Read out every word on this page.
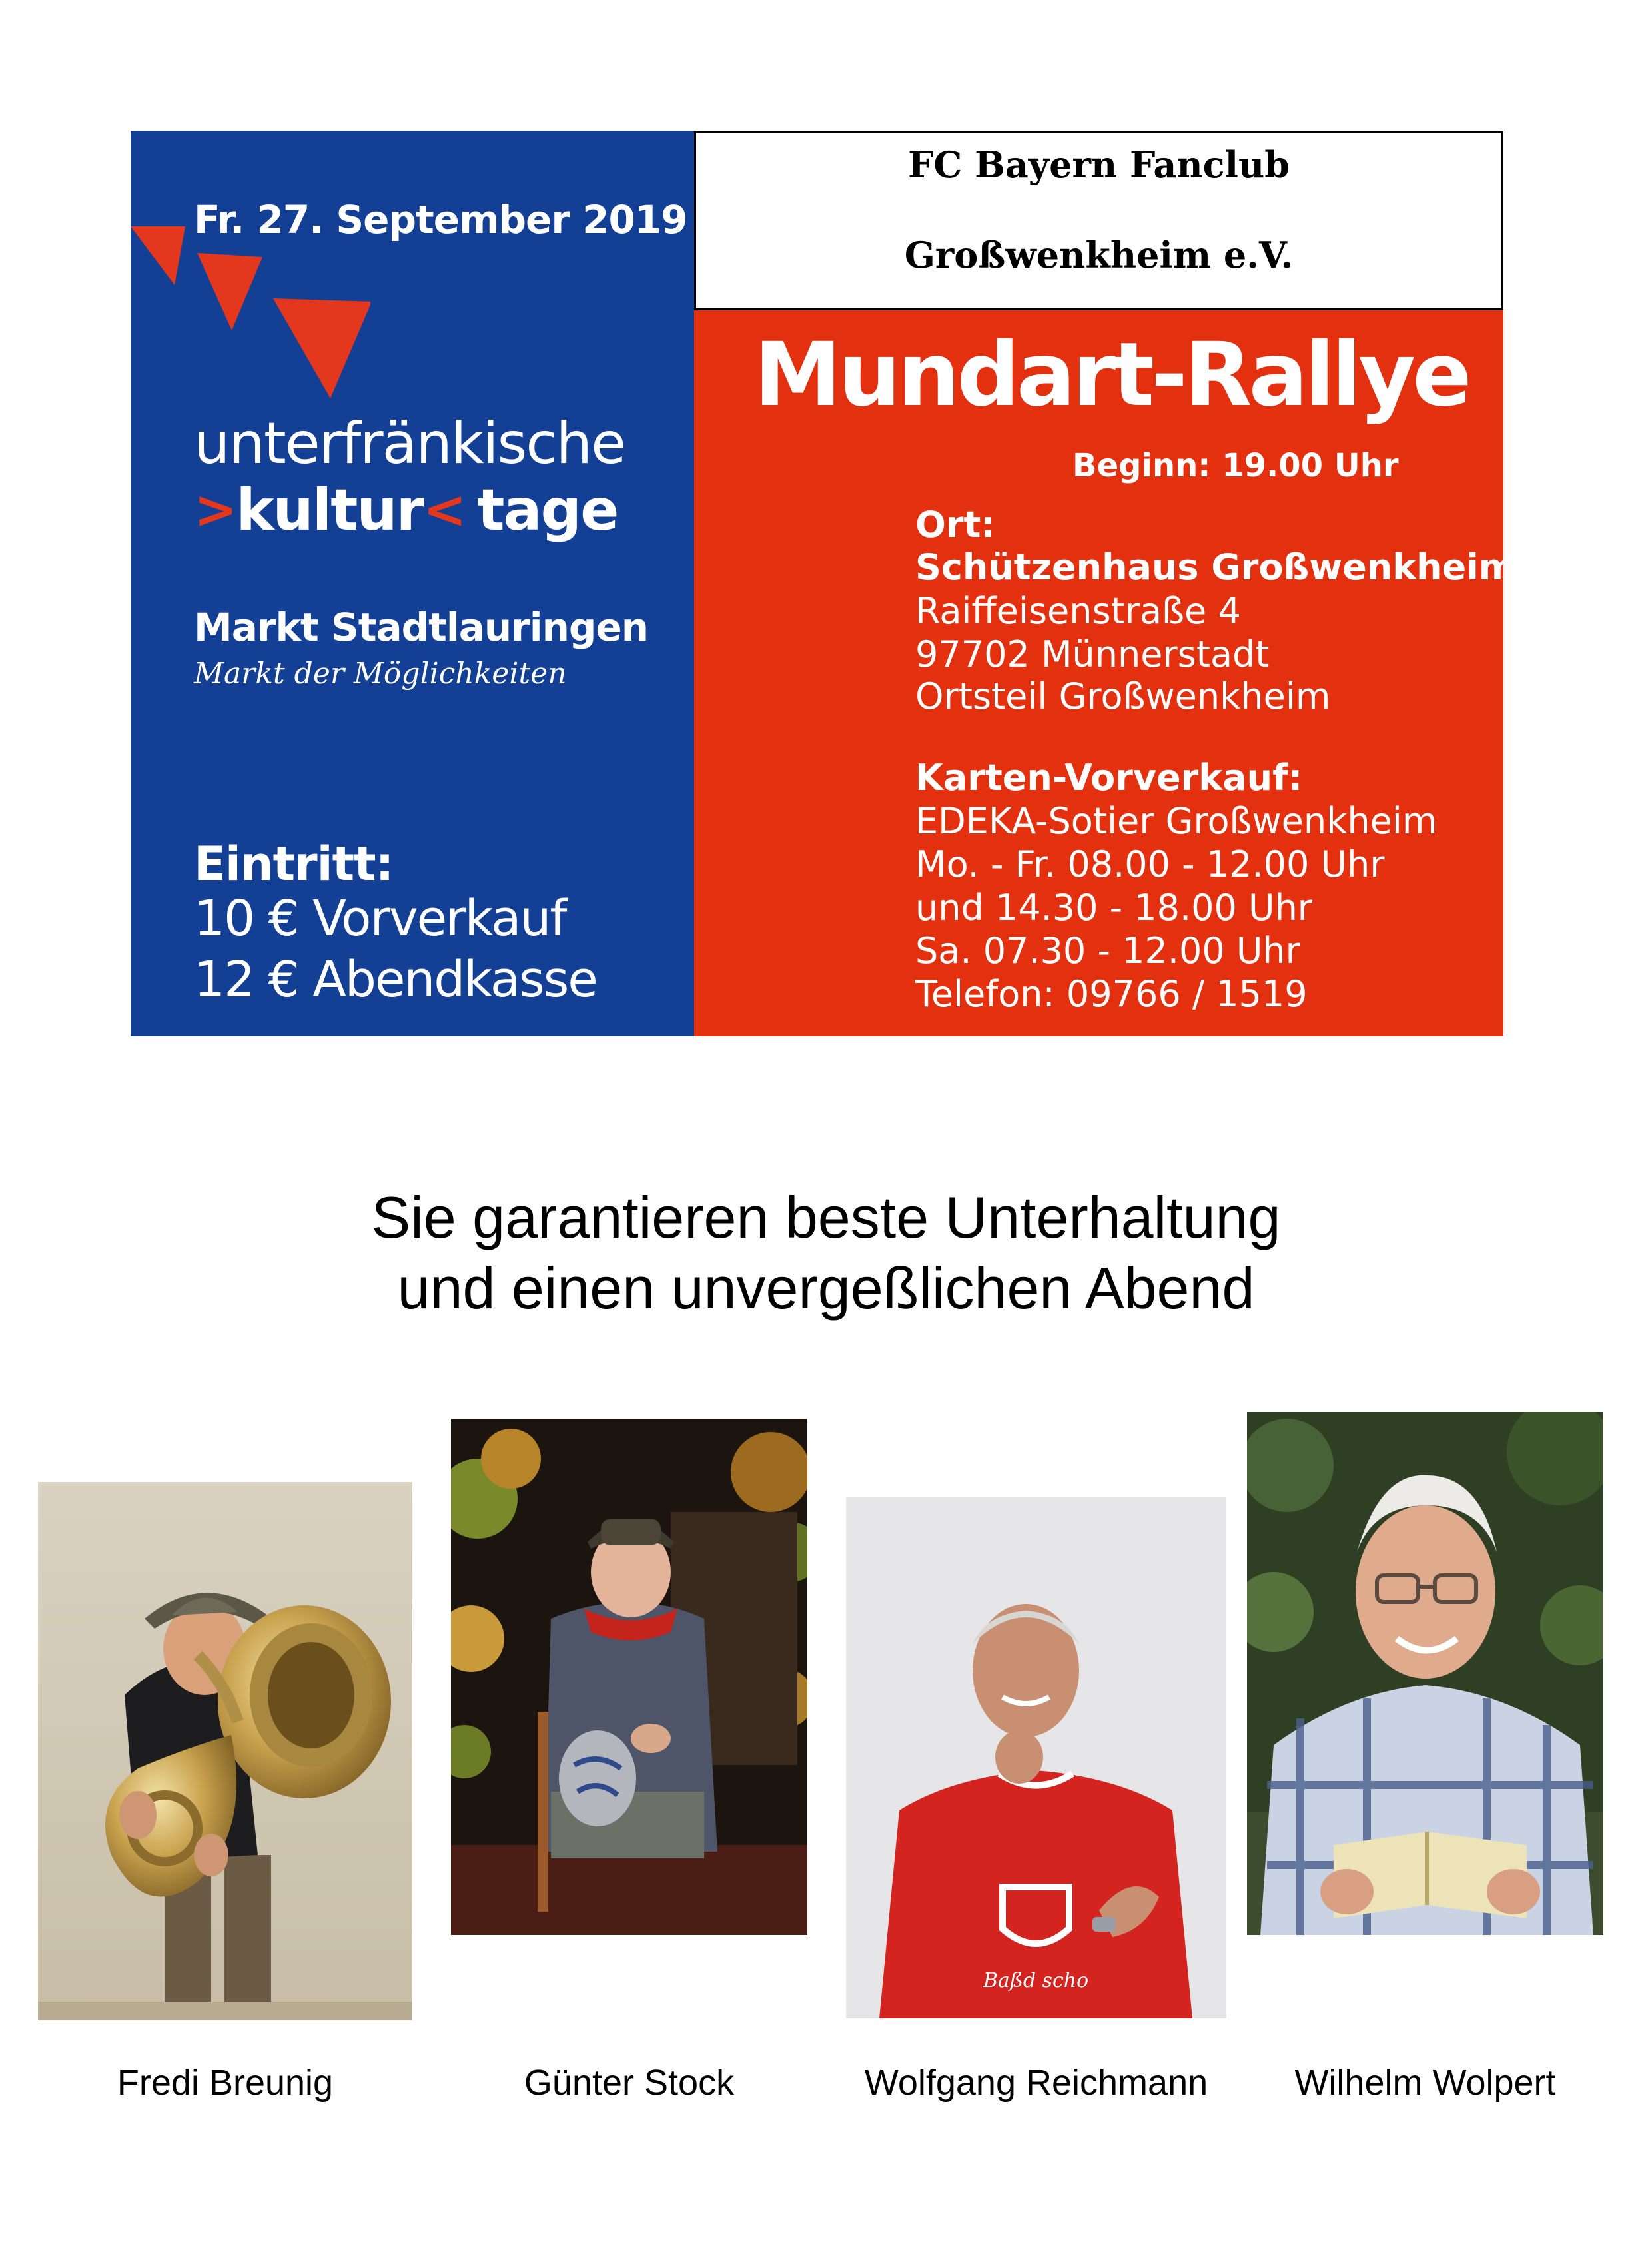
Fr. 27. September 2019
unterfränkische
> kultur < tage
Markt Stadtlauringen
Markt der Möglichkeiten
Eintritt:
10 € Vorverkauf
12 € Abendkasse
FC Bayern Fanclub
Großwenkheim e.V.
Mundart-Rallye
Beginn: 19.00 Uhr
Ort:
Schützenhaus Großwenkheim
Raiffeisenstraße 4
97702 Münnerstadt
Ortsteil Großwenkheim
Karten-Vorverkauf:
EDEKA-Sotier Großwenkheim
Mo. - Fr. 08.00 - 12.00 Uhr
und 14.30 - 18.00 Uhr
Sa. 07.30 - 12.00 Uhr
Telefon: 09766 / 1519
Sie garantieren beste Unterhaltung
und einen unvergeßlichen Abend
Baßd scho
Fredi Breunig	Günter Stock	Wolfgang Reichmann	Wilhelm Wolpert
